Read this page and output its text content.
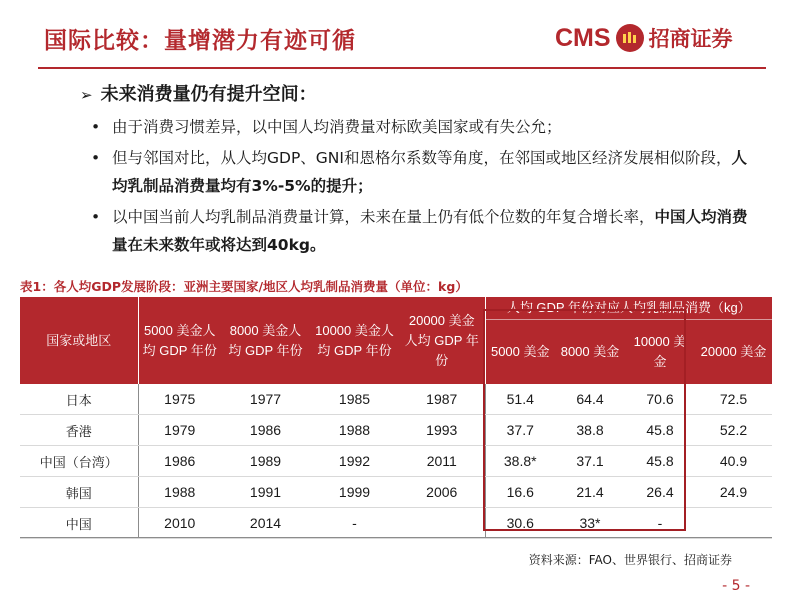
国际比较：量增潜力有迹可循	CMS 招商证券
➢ 未来消费量仍有提升空间：
• 由于消费习惯差异，以中国人均消费量对标欧美国家或有失公允；
• 但与邻国对比，从人均GDP、GNI和恩格尔系数等角度，在邻国或地区经济发展相似阶段，人均乳制品消费量均有3%-5%的提升；
• 以中国当前人均乳制品消费量计算，未来在量上仍有低个位数的年复合增长率，中国人均消费量在未来数年或将达到40kg。
表1：各人均GDP发展阶段：亚洲主要国家/地区人均乳制品消费量（单位：kg）
国家或地区	5000 美金人均 GDP 年份	8000 美金人均 GDP 年份	10000 美金人均 GDP 年份	20000 美金人均 GDP 年份	人均 GDP 年份对应人均乳制品消费（kg）			
					5000 美金	8000 美金	10000 美金	20000 美金
日本	1975	1977	1985	1987	51.4	64.4	70.6	72.5
香港	1979	1986	1988	1993	37.7	38.8	45.8	52.2
中国（台湾）	1986	1989	1992	2011	38.8*	37.1	45.8	40.9
韩国	1988	1991	1999	2006	16.6	21.4	26.4	24.9
中国	2010	2014	-		30.6	33*	-	
资料来源：FAO、世界银行、招商证券
- 5 -
